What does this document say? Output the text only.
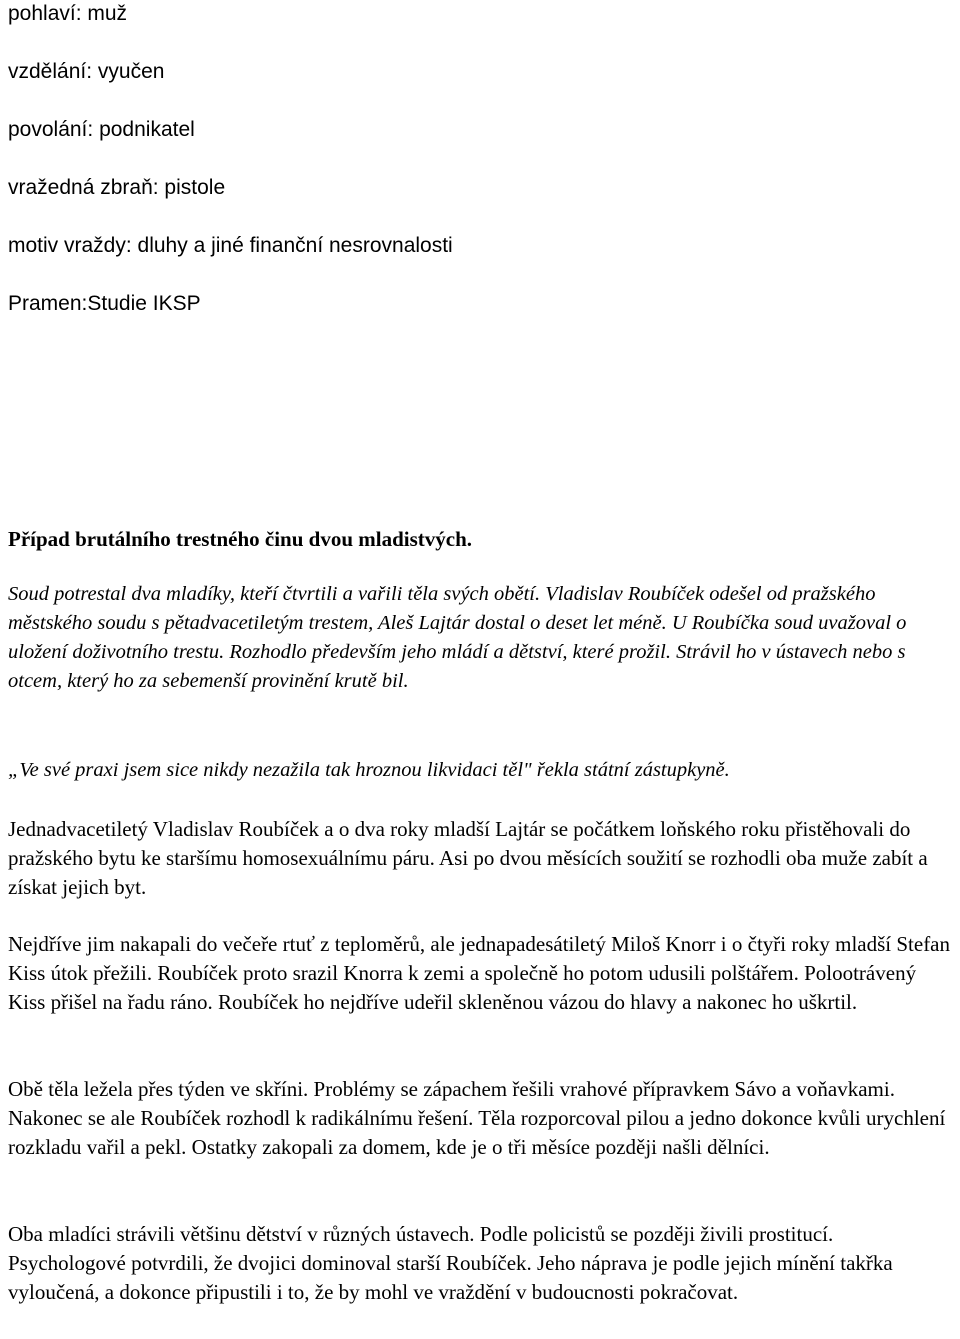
pohlaví: muž
vzdělání: vyučen
povolání: podnikatel
vražedná zbraň: pistole
motiv vraždy: dluhy a jiné finanční nesrovnalosti
Pramen:Studie IKSP
Případ brutálního trestného činu dvou mladistvých.

Soud potrestal dva mladíky, kteří čtvrtili a vařili těla svých obětí. Vladislav Roubíček odešel od pražského městského soudu s pětadvacetiletým trestem, Aleš Lajtár dostal o deset let méně. U Roubíčka soud uvažoval o uložení doživotního trestu. Rozhodlo především jeho mládí a dětství, které prožil. Strávil ho v ústavech nebo s otcem, který ho za sebemenší provinění krutě bil.

„Ve své praxi jsem sice nikdy nezažila tak hroznou likvidaci těl" řekla státní zástupkyně.

Jednadvacetiletý Vladislav Roubíček a o dva roky mladší Lajtár se počátkem loňského roku přistěhovali do pražského bytu ke staršímu homosexuálnímu páru. Asi po dvou měsících soužití se rozhodli oba muže zabít a získat jejich byt.

Nejdříve jim nakapali do večeře rtuť z teploměrů, ale jednapadesátiletý Miloš Knorr i o čtyři roky mladší Stefan Kiss útok přežili. Roubíček proto srazil Knorra k zemi a společně ho potom udusili polštářem. Polootrávený Kiss přišel na řadu ráno. Roubíček ho nejdříve udeřil skleněnou vázou do hlavy a nakonec ho uškrtil.

Obě těla ležela přes týden ve skříni. Problémy se zápachem řešili vrahové přípravkem Sávo a voňavkami. Nakonec se ale Roubíček rozhodl k radikálnímu řešení. Těla rozporcoval pilou a jedno dokonce kvůli urychlení rozkladu vařil a pekl. Ostatky zakopali za domem, kde je o tři měsíce později našli dělníci.

Oba mladíci strávili většinu dětství v různých ústavech. Podle policistů se později živili prostitucí. Psychologové potvrdili, že dvojici dominoval starší Roubíček. Jeho náprava je podle jejich mínění takřka vyloučená, a dokonce připustili i to, že by mohl ve vraždění v budoucnosti pokračovat.
